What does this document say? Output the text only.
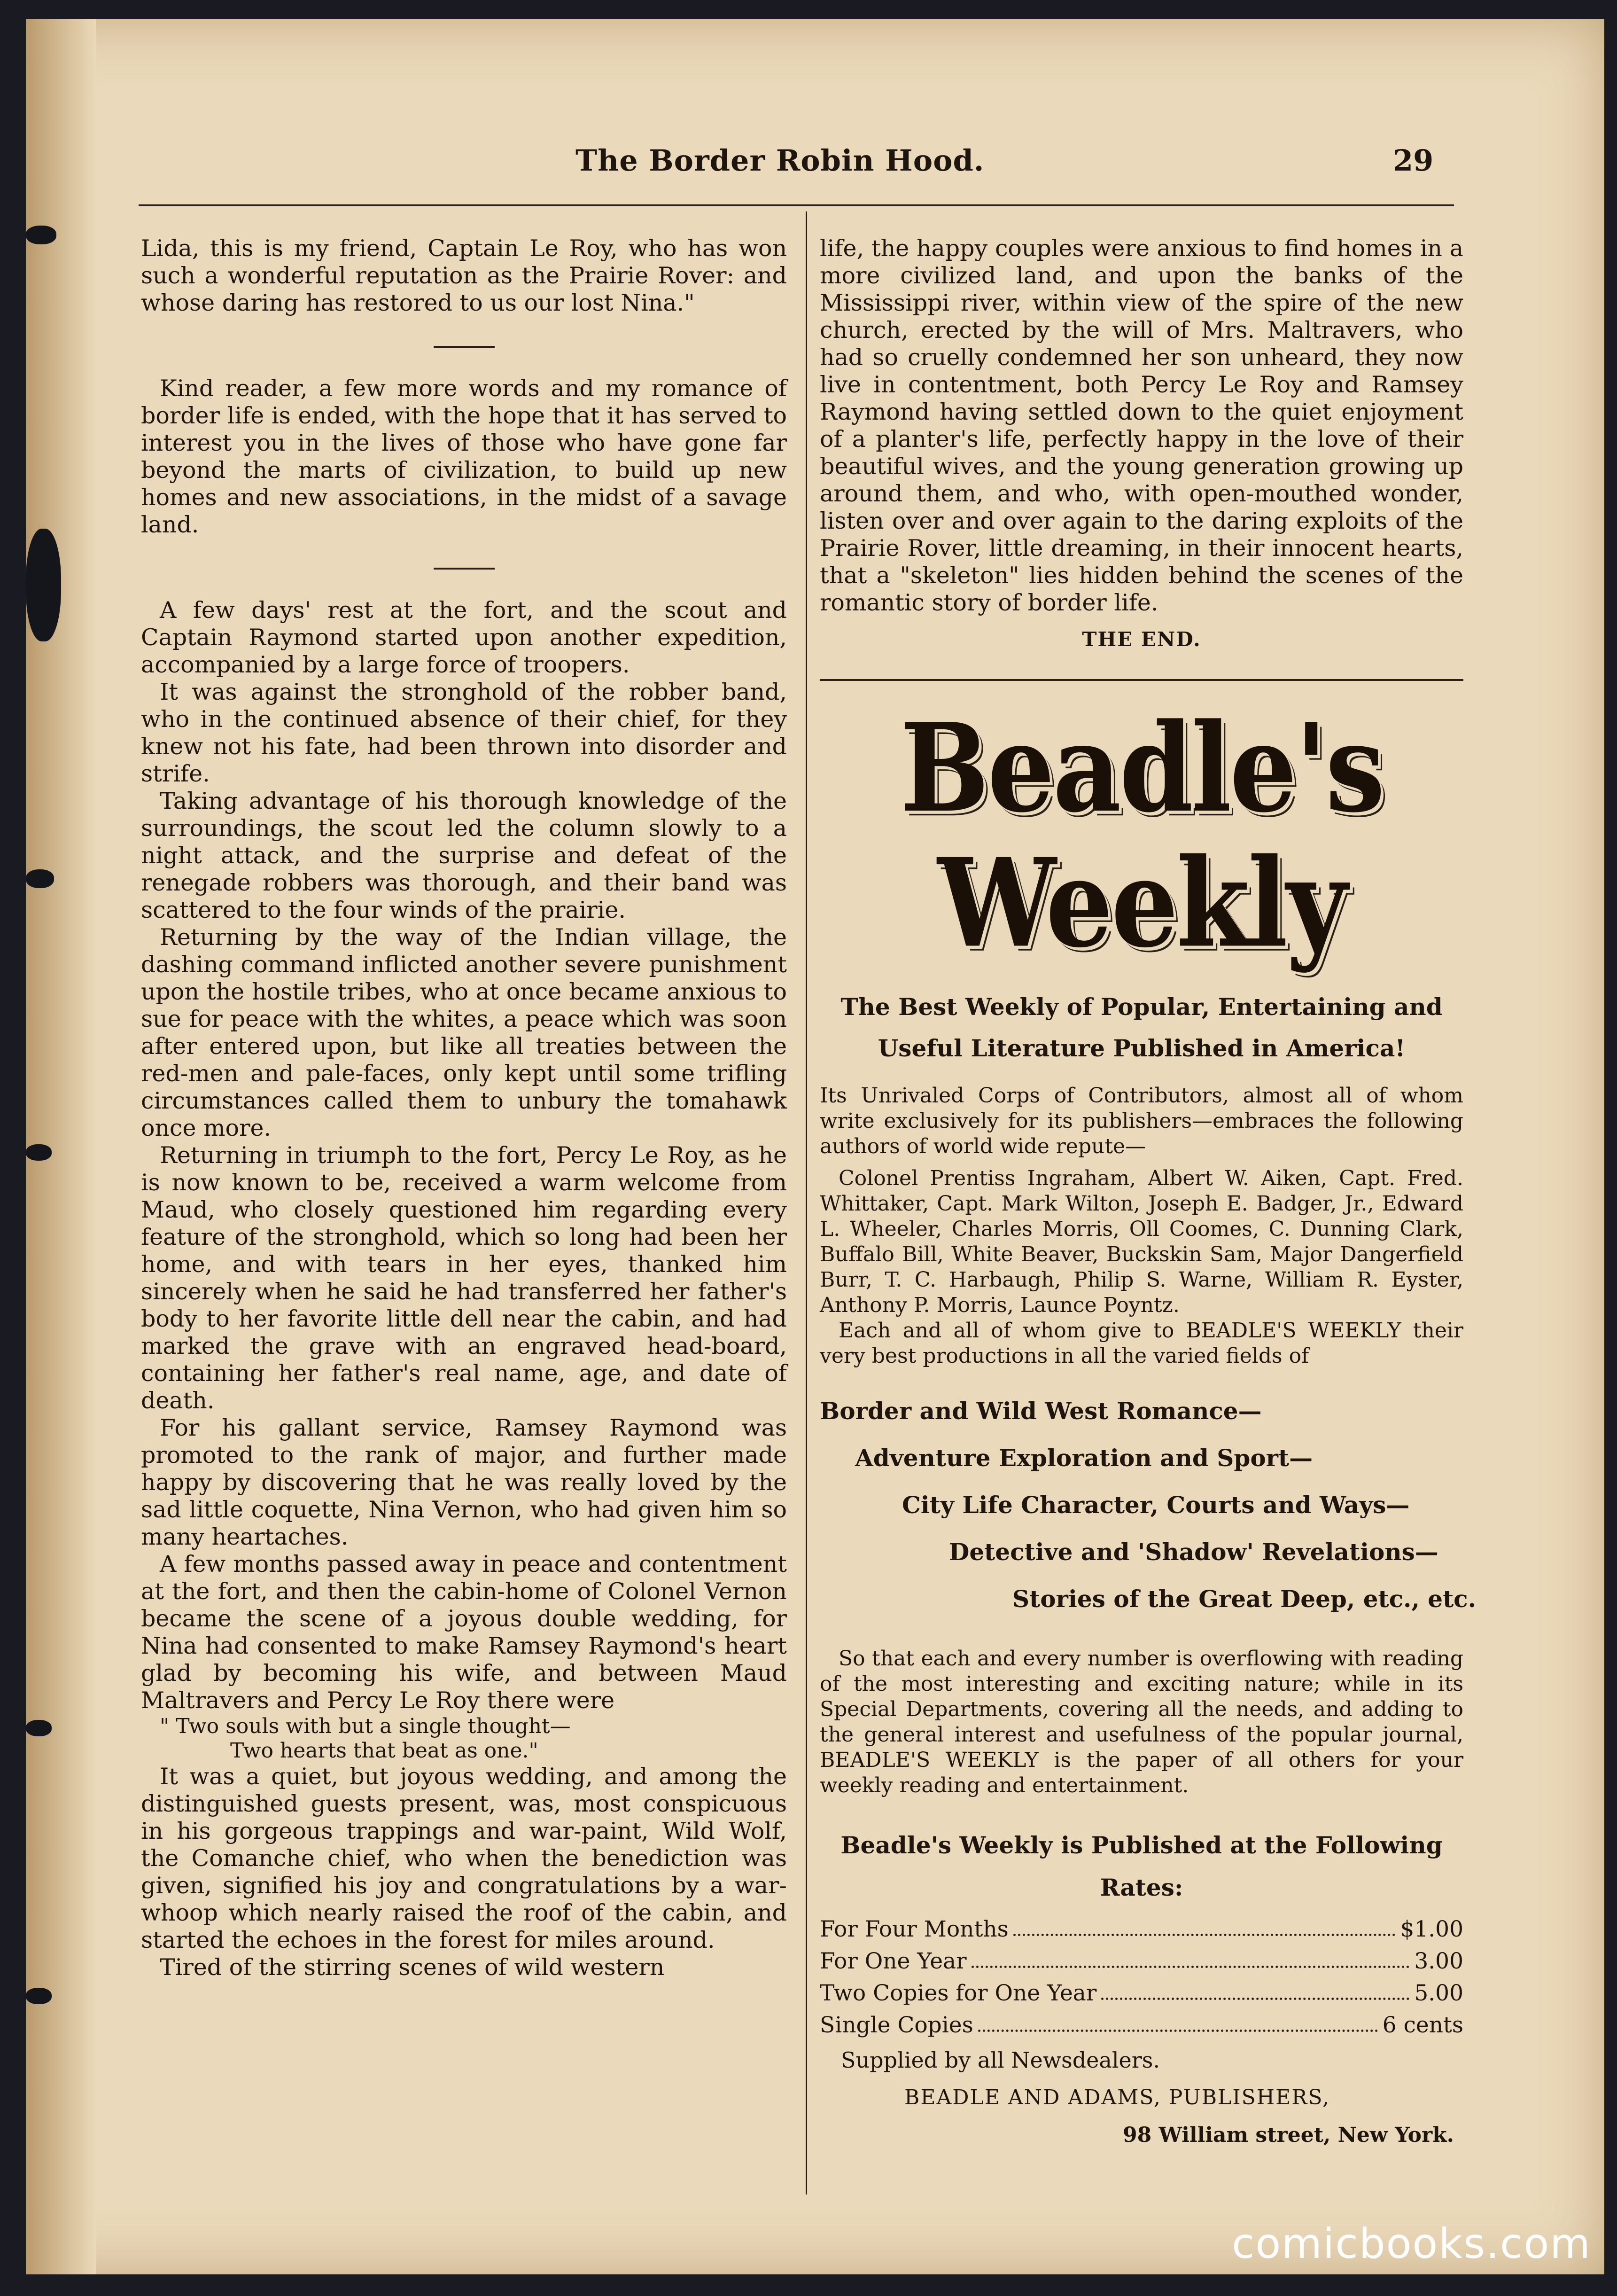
The Border Robin Hood.	29

Lida, this is my friend, Captain Le Roy, who has won such a wonderful reputation as the Prairie Rover: and whose daring has restored to us our lost Nina."

Kind reader, a few more words and my romance of border life is ended, with the hope that it has served to interest you in the lives of those who have gone far beyond the marts of civilization, to build up new homes and new associations, in the midst of a savage land.

A few days' rest at the fort, and the scout and Captain Raymond started upon another expedition, accompanied by a large force of troopers.

It was against the stronghold of the robber band, who in the continued absence of their chief, for they knew not his fate, had been thrown into disorder and strife.

Taking advantage of his thorough knowledge of the surroundings, the scout led the column slowly to a night attack, and the surprise and defeat of the renegade robbers was thorough, and their band was scattered to the four winds of the prairie.

Returning by the way of the Indian village, the dashing command inflicted another severe punishment upon the hostile tribes, who at once became anxious to sue for peace with the whites, a peace which was soon after entered upon, but like all treaties between the red-men and pale-faces, only kept until some trifling circumstances called them to unbury the tomahawk once more.

Returning in triumph to the fort, Percy Le Roy, as he is now known to be, received a warm welcome from Maud, who closely questioned him regarding every feature of the stronghold, which so long had been her home, and with tears in her eyes, thanked him sincerely when he said he had transferred her father's body to her favorite little dell near the cabin, and had marked the grave with an engraved head-board, containing her father's real name, age, and date of death.

For his gallant service, Ramsey Raymond was promoted to the rank of major, and further made happy by discovering that he was really loved by the sad little coquette, Nina Vernon, who had given him so many heartaches.

A few months passed away in peace and contentment at the fort, and then the cabin-home of Colonel Vernon became the scene of a joyous double wedding, for Nina had consented to make Ramsey Raymond's heart glad by becoming his wife, and between Maud Maltravers and Percy Le Roy there were

" Two souls with but a single thought—

Two hearts that beat as one."

It was a quiet, but joyous wedding, and among the distinguished guests present, was, most conspicuous in his gorgeous trappings and war-paint, Wild Wolf, the Comanche chief, who when the benediction was given, signified his joy and congratulations by a war-whoop which nearly raised the roof of the cabin, and started the echoes in the forest for miles around.

Tired of the stirring scenes of wild western

life, the happy couples were anxious to find homes in a more civilized land, and upon the banks of the Mississippi river, within view of the spire of the new church, erected by the will of Mrs. Maltravers, who had so cruelly condemned her son unheard, they now live in contentment, both Percy Le Roy and Ramsey Raymond having settled down to the quiet enjoyment of a planter's life, perfectly happy in the love of their beautiful wives, and the young generation growing up around them, and who, with open-mouthed wonder, listen over and over again to the daring exploits of the Prairie Rover, little dreaming, in their innocent hearts, that a "skeleton" lies hidden behind the scenes of the romantic story of border life.

THE END.
Beadle's Weekly
The Best Weekly of Popular, Entertaining and Useful Literature Published in America!

Its Unrivaled Corps of Contributors, almost all of whom write exclusively for its publishers—embraces the following authors of world wide repute—

Colonel Prentiss Ingraham, Albert W. Aiken, Capt. Fred. Whittaker, Capt. Mark Wilton, Joseph E. Badger, Jr., Edward L. Wheeler, Charles Morris, Oll Coomes, C. Dunning Clark, Buffalo Bill, White Beaver, Buckskin Sam, Major Dangerfield Burr, T. C. Harbaugh, Philip S. Warne, William R. Eyster, Anthony P. Morris, Launce Poyntz.

Each and all of whom give to BEADLE'S WEEKLY their very best productions in all the varied fields of

Border and Wild West Romance—
Adventure Exploration and Sport—
City Life Character, Courts and Ways—
Detective and 'Shadow' Revelations—
Stories of the Great Deep, etc., etc.

So that each and every number is overflowing with reading of the most interesting and exciting nature; while in its Special Departments, covering all the needs, and adding to the general interest and usefulness of the popular journal, BEADLE'S WEEKLY is the paper of all others for your weekly reading and entertainment.

Beadle's Weekly is Published at the Following Rates:
For Four Months	$1.00
For One Year	3.00
Two Copies for One Year	5.00
Single Copies	6 cents
Supplied by all Newsdealers.
BEADLE AND ADAMS, PUBLISHERS,
98 William street, New York.
comicbooks.com
